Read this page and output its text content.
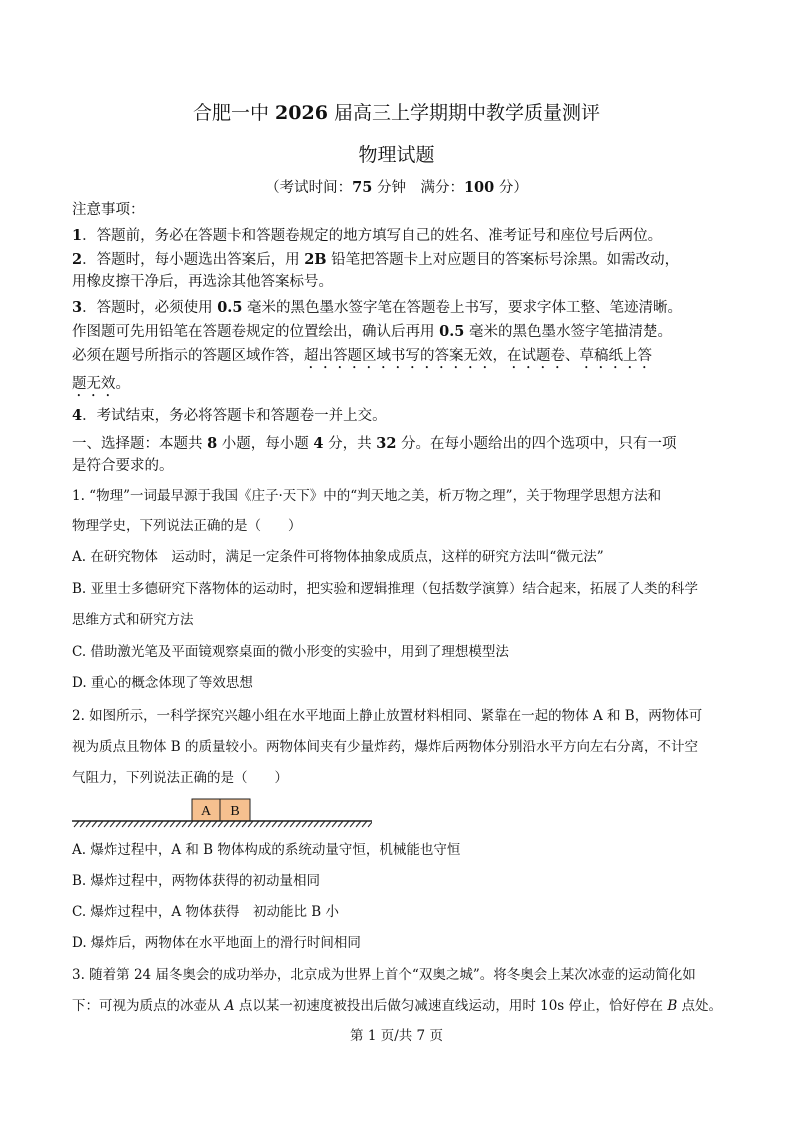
合肥一中 2026 届高三上学期期中教学质量测评
物理试题
（考试时间：75 分钟　满分：100 分）
注意事项：
1．答题前，务必在答题卡和答题卷规定的地方填写自己的姓名、准考证号和座位号后两位。
2．答题时，每小题选出答案后，用 2B 铅笔把答题卡上对应题目的答案标号涂黑。如需改动，
用橡皮擦干净后，再选涂其他答案标号。
3．答题时，必须使用 0.5 毫米的黑色墨水签字笔在答题卷上书写，要求字体工整、笔迹清晰。
作图题可先用铅笔在答题卷规定的位置绘出，确认后再用 0.5 毫米的黑色墨水签字笔描清楚。
必须在题号所指示的答题区域作答，超出答题区域书写的答案无效，在试题卷、草稿纸上答
题无效。
4．考试结束，务必将答题卡和答题卷一并上交。
一、选择题：本题共 8 小题，每小题 4 分，共 32 分。在每小题给出的四个选项中，只有一项
是符合要求的。
1. “物理”一词最早源于我国《庄子·天下》中的“判天地之美，析万物之理”，关于物理学思想方法和
物理学史，下列说法正确的是（　　）
A. 在研究物体　运动时，满足一定条件可将物体抽象成质点，这样的研究方法叫“微元法”
B. 亚里士多德研究下落物体的运动时，把实验和逻辑推理（包括数学演算）结合起来，拓展了人类的科学
思维方式和研究方法
C. 借助激光笔及平面镜观察桌面的微小形变的实验中，用到了理想模型法
D. 重心的概念体现了等效思想
2. 如图所示，一科学探究兴趣小组在水平地面上静止放置材料相同、紧靠在一起的物体 A 和 B，两物体可
视为质点且物体 B 的质量较小。两物体间夹有少量炸药，爆炸后两物体分别沿水平方向左右分离，不计空
气阻力，下列说法正确的是（　　）
A B
A. 爆炸过程中，A 和 B 物体构成的系统动量守恒，机械能也守恒
B. 爆炸过程中，两物体获得的初动量相同
C. 爆炸过程中，A 物体获得　初动能比 B 小
D. 爆炸后，两物体在水平地面上的滑行时间相同
3. 随着第 24 届冬奥会的成功举办，北京成为世界上首个“双奥之城”。将冬奥会上某次冰壶的运动简化如
下：可视为质点的冰壶从 A 点以某一初速度被投出后做匀减速直线运动，用时 10s 停止，恰好停在 B 点处。
第 1 页/共 7 页
